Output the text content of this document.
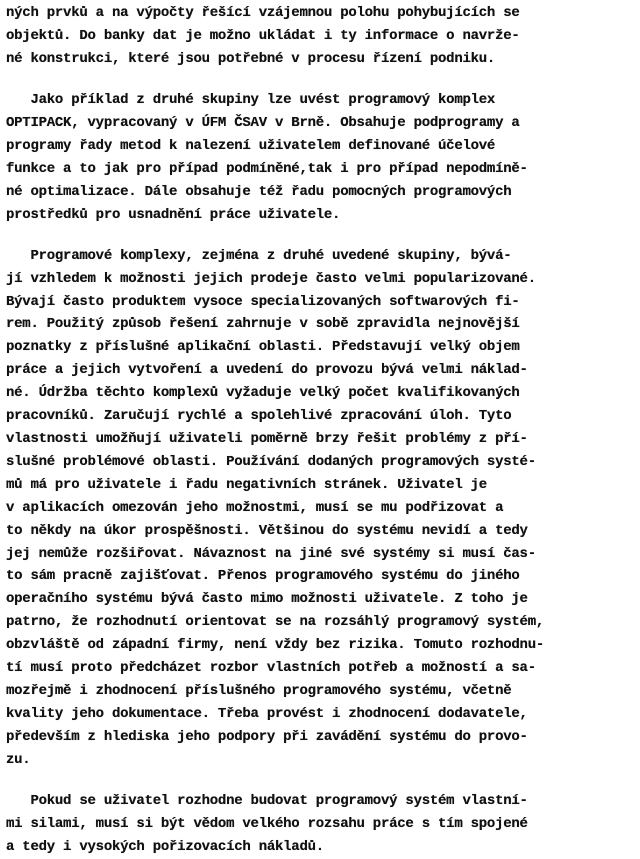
ných prvků a na výpočty řešící vzájemnou polohu pohybujících se
objektů. Do banky dat je možno ukládat i ty informace o navrže-
né konstrukci, které jsou potřebné v procesu řízení podniku.

Jako příklad z druhé skupiny lze uvést programový komplex
OPTIPACK, vypracovaný v ÚFM ČSAV v Brně. Obsahuje podprogramy a
programy řady metod k nalezení uživatelem definované účelové
funkce a to jak pro případ podmíněné,tak i pro případ nepodmíně-
né optimalizace. Dále obsahuje též řadu pomocných programových
prostředků pro usnadnění práce uživatele.

Programové komplexy, zejména z druhé uvedené skupiny, bývá-
jí vzhledem k možnosti jejich prodeje často velmi popularizované.
Bývají často produktem vysoce specializovaných softwarových fi-
rem. Použitý způsob řešení zahrnuje v sobě zpravidla nejnovější
poznatky z příslušné aplikační oblasti. Představují velký objem
práce a jejich vytvoření a uvedení do provozu bývá velmi náklad-
né. Údržba těchto komplexů vyžaduje velký počet kvalifikovaných
pracovníků. Zaručují rychlé a spolehlivé zpracování úloh. Tyto
vlastnosti umožňují uživateli poměrně brzy řešit problémy z pří-
slušné problémové oblasti. Používání dodaných programových systé-
mů má pro uživatele i řadu negativních stránek. Uživatel je
v aplikacích omezován jeho možnostmi, musí se mu podřizovat a
to někdy na úkor prospěšnosti. Většinou do systému nevidí a tedy
jej nemůže rozšiřovat. Návaznost na jiné své systémy si musí čas-
to sám pracně zajišťovat. Přenos programového systému do jiného
operačního systému bývá často mimo možnosti uživatele. Z toho je
patrno, že rozhodnutí orientovat se na rozsáhlý programový systém,
obzvláště od západní firmy, není vždy bez rizika. Tomuto rozhodnu-
tí musí proto předcházet rozbor vlastních potřeb a možností a sa-
mozřejmě i zhodnocení příslušného programového systému, včetně
kvality jeho dokumentace. Třeba provést i zhodnocení dodavatele,
především z hlediska jeho podpory při zavádění systému do provo-
zu.

Pokud se uživatel rozhodne budovat programový systém vlastní-
mi silami, musí si být vědom velkého rozsahu práce s tím spojené
a tedy i vysokých pořizovacích nákladů.
